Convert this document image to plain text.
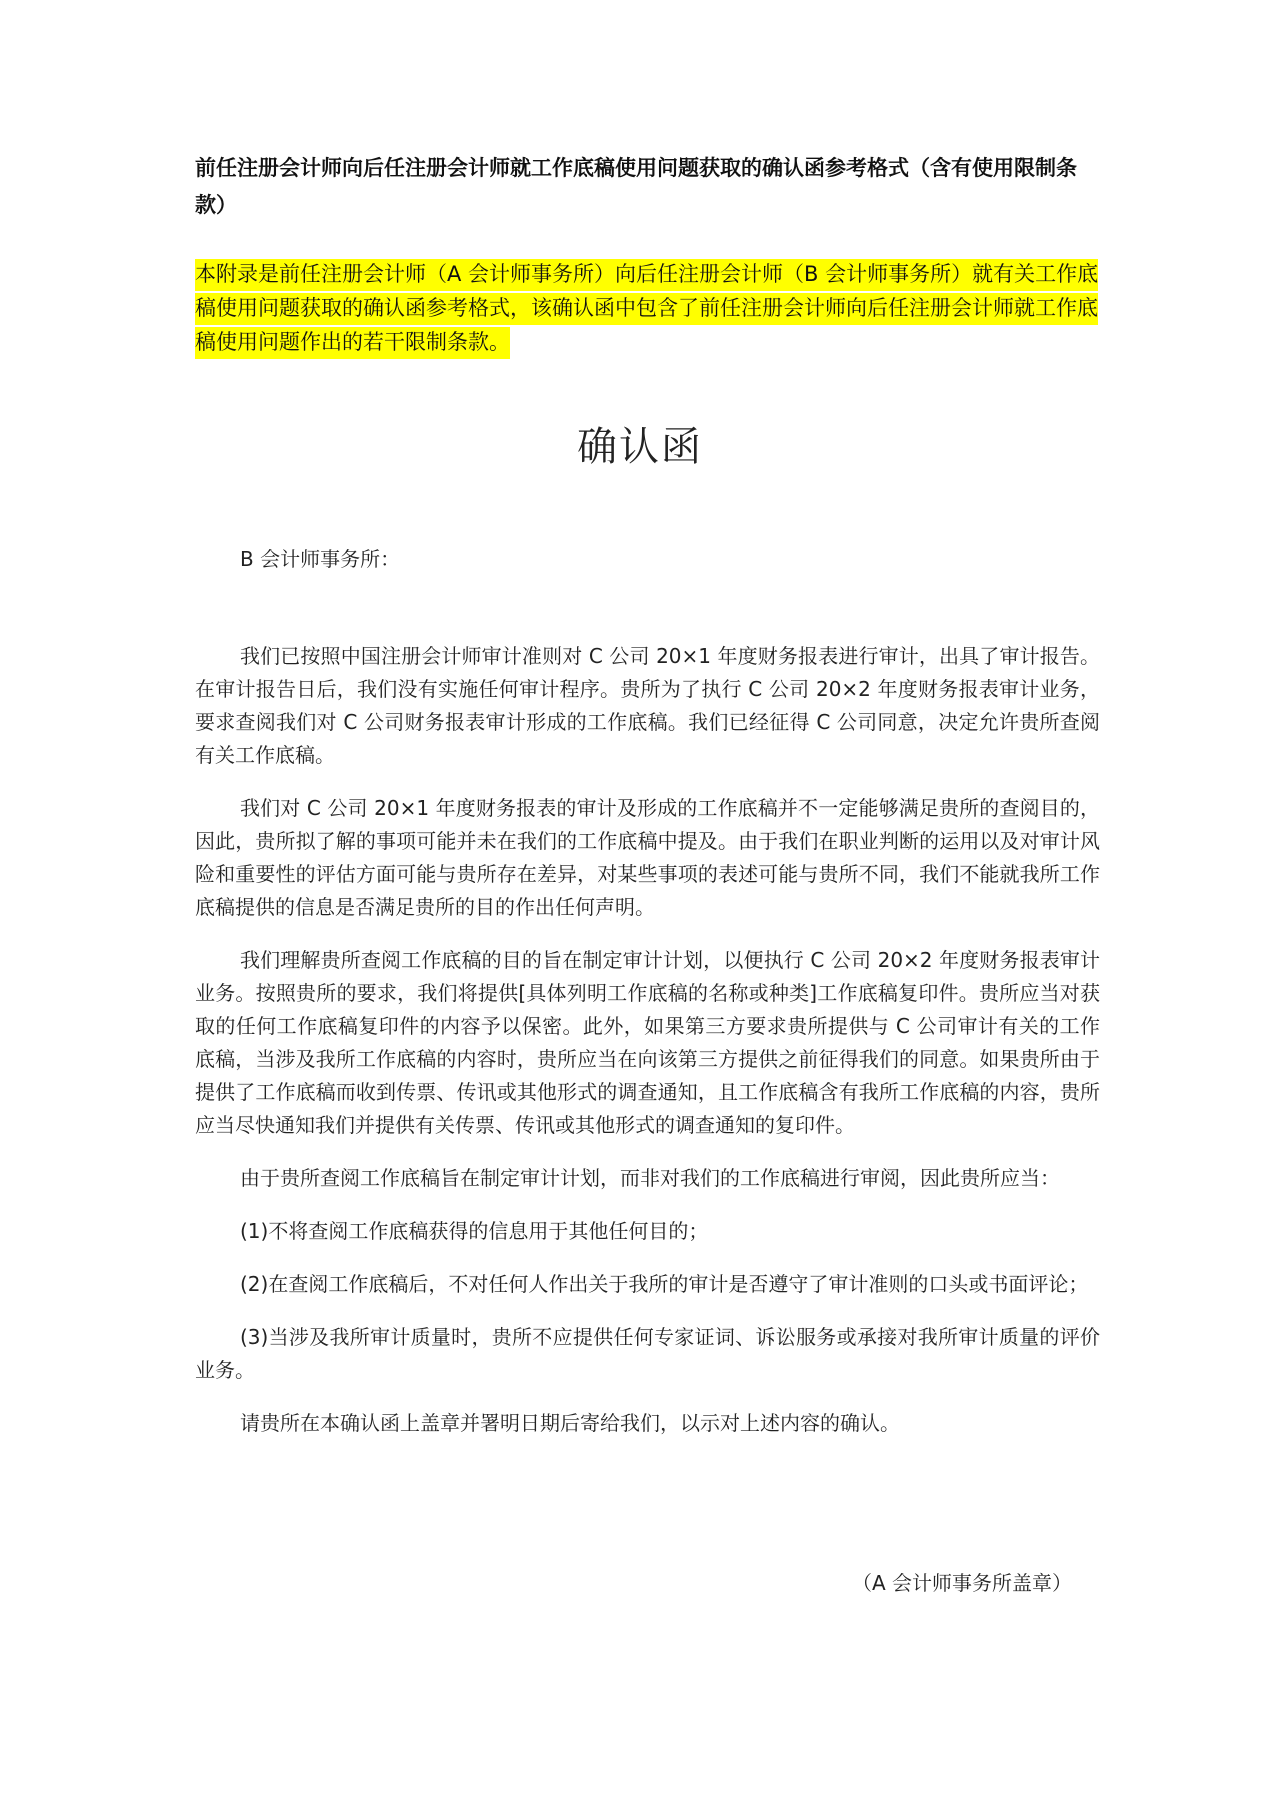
前任注册会计师向后任注册会计师就工作底稿使用问题获取的确认函参考格式（含有使用限制条款）
本附录是前任注册会计师（A 会计师事务所）向后任注册会计师（B 会计师事务所）就有关工作底稿使用问题获取的确认函参考格式，该确认函中包含了前任注册会计师向后任注册会计师就工作底稿使用问题作出的若干限制条款。
确认函
B 会计师事务所：

我们已按照中国注册会计师审计准则对 C 公司 20×1 年度财务报表进行审计，出具了审计报告。在审计报告日后，我们没有实施任何审计程序。贵所为了执行 C 公司 20×2 年度财务报表审计业务，要求查阅我们对 C 公司财务报表审计形成的工作底稿。我们已经征得 C 公司同意，决定允许贵所查阅有关工作底稿。

我们对 C 公司 20×1 年度财务报表的审计及形成的工作底稿并不一定能够满足贵所的查阅目的，因此，贵所拟了解的事项可能并未在我们的工作底稿中提及。由于我们在职业判断的运用以及对审计风险和重要性的评估方面可能与贵所存在差异，对某些事项的表述可能与贵所不同，我们不能就我所工作底稿提供的信息是否满足贵所的目的作出任何声明。

我们理解贵所查阅工作底稿的目的旨在制定审计计划，以便执行 C 公司 20×2 年度财务报表审计业务。按照贵所的要求，我们将提供[具体列明工作底稿的名称或种类]工作底稿复印件。贵所应当对获取的任何工作底稿复印件的内容予以保密。此外，如果第三方要求贵所提供与 C 公司审计有关的工作底稿，当涉及我所工作底稿的内容时，贵所应当在向该第三方提供之前征得我们的同意。如果贵所由于提供了工作底稿而收到传票、传讯或其他形式的调查通知，且工作底稿含有我所工作底稿的内容，贵所应当尽快通知我们并提供有关传票、传讯或其他形式的调查通知的复印件。

由于贵所查阅工作底稿旨在制定审计计划，而非对我们的工作底稿进行审阅，因此贵所应当：

(1)不将查阅工作底稿获得的信息用于其他任何目的；

(2)在查阅工作底稿后，不对任何人作出关于我所的审计是否遵守了审计准则的口头或书面评论；

(3)当涉及我所审计质量时，贵所不应提供任何专家证词、诉讼服务或承接对我所审计质量的评价业务。

请贵所在本确认函上盖章并署明日期后寄给我们，以示对上述内容的确认。

（A 会计师事务所盖章）
